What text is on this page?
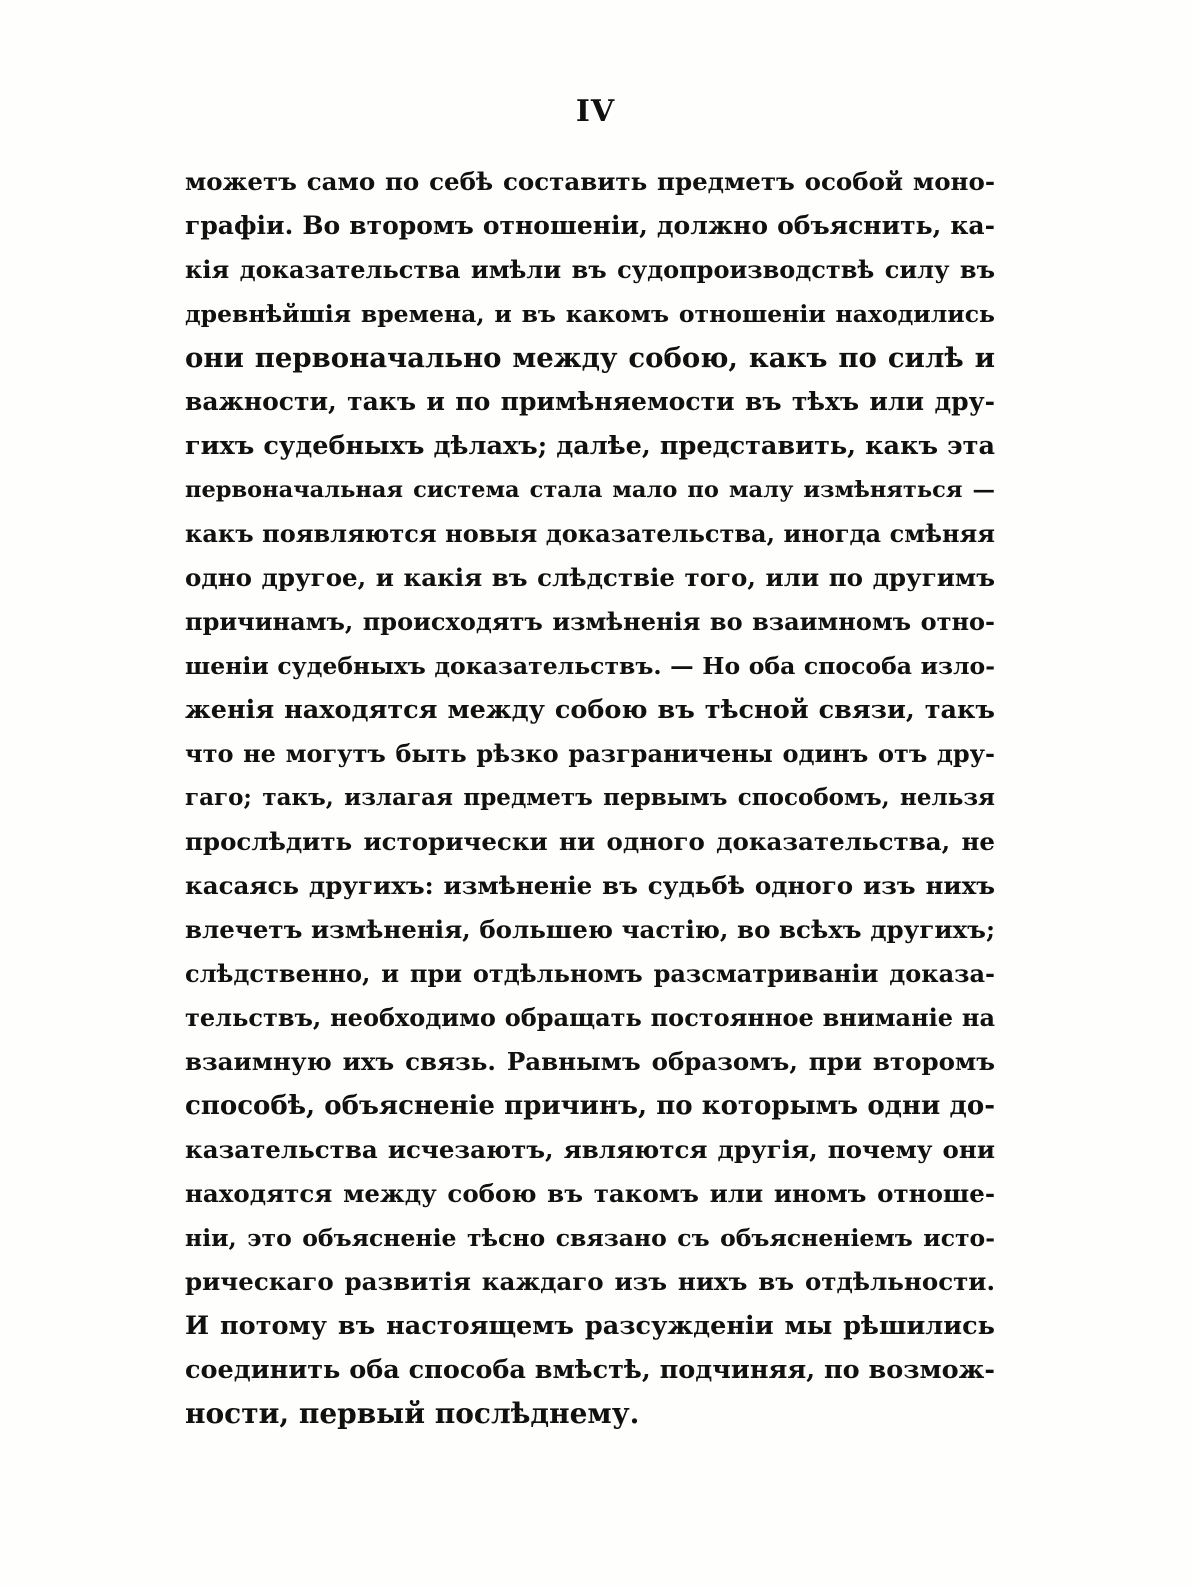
IV
можетъ само по себѣ составить предметъ особой моно-
графіи. Во второмъ отношеніи, должно объяснить, ка-
кія доказательства имѣли въ судопроизводствѣ силу въ
древнѣйшія времена, и въ какомъ отношеніи находились
они первоначально между собою, какъ по силѣ и
важности, такъ и по примѣняемости въ тѣхъ или дру-
гихъ судебныхъ дѣлахъ; далѣе, представить, какъ эта
первоначальная система стала мало по малу измѣняться —
какъ появляются новыя доказательства, иногда смѣняя
одно другое, и какія въ слѣдствіе того, или по другимъ
причинамъ, происходятъ измѣненія во взаимномъ отно-
шеніи судебныхъ доказательствъ. — Но оба способа изло-
женія находятся между собою въ тѣсной связи, такъ
что не могутъ быть рѣзко разграничены одинъ отъ дру-
гаго; такъ, излагая предметъ первымъ способомъ, нельзя
прослѣдить исторически ни одного доказательства, не
касаясь другихъ: измѣненіе въ судьбѣ одного изъ нихъ
влечетъ измѣненія, большею частію, во всѣхъ другихъ;
слѣдственно, и при отдѣльномъ разсматриваніи доказа-
тельствъ, необходимо обращать постоянное вниманіе на
взаимную ихъ связь. Равнымъ образомъ, при второмъ
способѣ, объясненіе причинъ, по которымъ одни до-
казательства исчезаютъ, являются другія, почему они
находятся между собою въ такомъ или иномъ отноше-
ніи, это объясненіе тѣсно связано съ объясненіемъ исто-
рическаго развитія каждаго изъ нихъ въ отдѣльности.
И потому въ настоящемъ разсужденіи мы рѣшились
соединить оба способа вмѣстѣ, подчиняя, по возмож-
ности, первый послѣднему.
